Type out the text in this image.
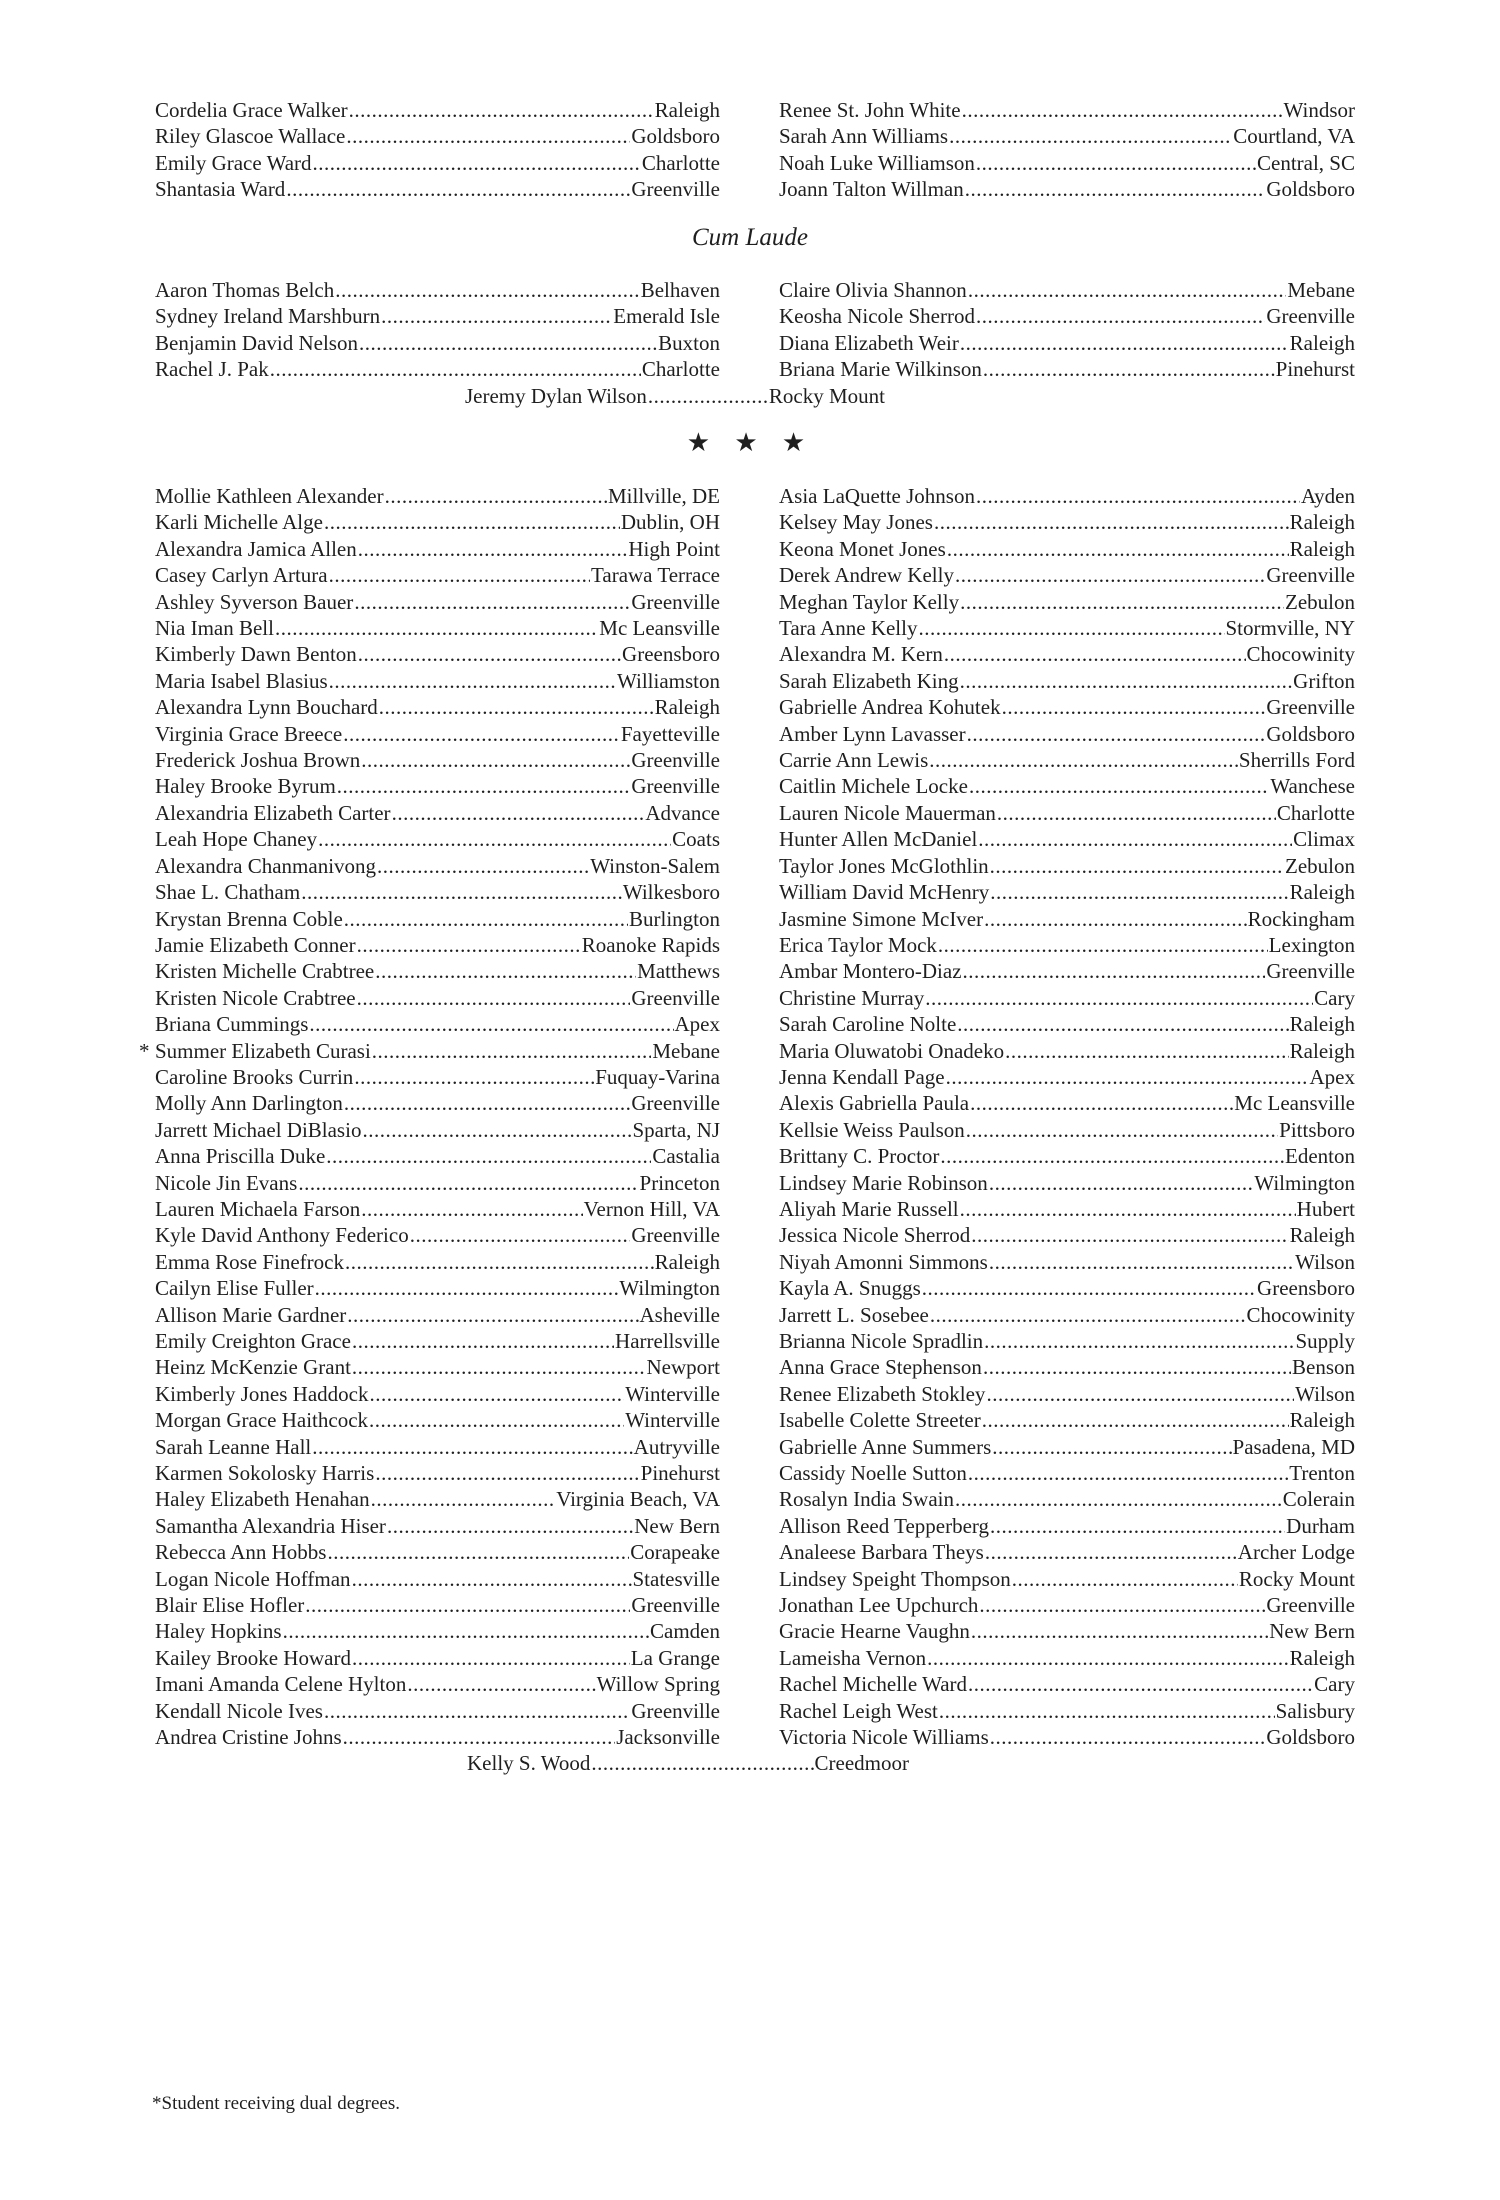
Cordelia Grace Walker .....	Raleigh
Riley Glascoe Wallace .....	Goldsboro
Emily Grace Ward .....	Charlotte
Shantasia Ward .....	Greenville
Renee St. John White .....	Windsor
Sarah Ann Williams .....	Courtland, VA
Noah Luke Williamson .....	Central, SC
Joann Talton Willman .....	Goldsboro
Cum Laude
Aaron Thomas Belch .....	Belhaven
Sydney Ireland Marshburn .....	Emerald Isle
Benjamin David Nelson .....	Buxton
Rachel J. Pak .....	Charlotte
Claire Olivia Shannon .....	Mebane
Keosha Nicole Sherrod .....	Greenville
Diana Elizabeth Weir .....	Raleigh
Briana Marie Wilkinson .....	Pinehurst
Jeremy Dylan Wilson .....	Rocky Mount
★ ★ ★
Mollie Kathleen Alexander .....	Millville, DE
Karli Michelle Alge .....	Dublin, OH
Alexandra Jamica Allen .....	High Point
Casey Carlyn Artura .....	Tarawa Terrace
Ashley Syverson Bauer .....	Greenville
Nia Iman Bell .....	Mc Leansville
Kimberly Dawn Benton .....	Greensboro
Maria Isabel Blasius .....	Williamston
Alexandra Lynn Bouchard .....	Raleigh
Virginia Grace Breece .....	Fayetteville
Frederick Joshua Brown .....	Greenville
Haley Brooke Byrum .....	Greenville
Alexandria Elizabeth Carter .....	Advance
Leah Hope Chaney .....	Coats
Alexandra Chanmanivong .....	Winston-Salem
Shae L. Chatham .....	Wilkesboro
Krystan Brenna Coble .....	Burlington
Jamie Elizabeth Conner .....	Roanoke Rapids
Kristen Michelle Crabtree .....	Matthews
Kristen Nicole Crabtree .....	Greenville
Briana Cummings .....	Apex
* Summer Elizabeth Curasi .....	Mebane
Caroline Brooks Currin .....	Fuquay-Varina
Molly Ann Darlington .....	Greenville
Jarrett Michael DiBlasio .....	Sparta, NJ
Anna Priscilla Duke .....	Castalia
Nicole Jin Evans .....	Princeton
Lauren Michaela Farson .....	Vernon Hill, VA
Kyle David Anthony Federico .....	Greenville
Emma Rose Finefrock .....	Raleigh
Cailyn Elise Fuller .....	Wilmington
Allison Marie Gardner .....	Asheville
Emily Creighton Grace .....	Harrellsville
Heinz McKenzie Grant .....	Newport
Kimberly Jones Haddock .....	Winterville
Morgan Grace Haithcock .....	Winterville
Sarah Leanne Hall .....	Autryville
Karmen Sokolosky Harris .....	Pinehurst
Haley Elizabeth Henahan .....	Virginia Beach, VA
Samantha Alexandria Hiser .....	New Bern
Rebecca Ann Hobbs .....	Corapeake
Logan Nicole Hoffman .....	Statesville
Blair Elise Hofler .....	Greenville
Haley Hopkins .....	Camden
Kailey Brooke Howard .....	La Grange
Imani Amanda Celene Hylton .....	Willow Spring
Kendall Nicole Ives .....	Greenville
Andrea Cristine Johns .....	Jacksonville
Asia LaQuette Johnson .....	Ayden
Kelsey May Jones .....	Raleigh
Keona Monet Jones .....	Raleigh
Derek Andrew Kelly .....	Greenville
Meghan Taylor Kelly .....	Zebulon
Tara Anne Kelly .....	Stormville, NY
Alexandra M. Kern .....	Chocowinity
Sarah Elizabeth King .....	Grifton
Gabrielle Andrea Kohutek .....	Greenville
Amber Lynn Lavasser .....	Goldsboro
Carrie Ann Lewis .....	Sherrills Ford
Caitlin Michele Locke .....	Wanchese
Lauren Nicole Mauerman .....	Charlotte
Hunter Allen McDaniel .....	Climax
Taylor Jones McGlothlin .....	Zebulon
William David McHenry .....	Raleigh
Jasmine Simone McIver .....	Rockingham
Erica Taylor Mock .....	Lexington
Ambar Montero-Diaz .....	Greenville
Christine Murray .....	Cary
Sarah Caroline Nolte .....	Raleigh
Maria Oluwatobi Onadeko .....	Raleigh
Jenna Kendall Page .....	Apex
Alexis Gabriella Paula .....	Mc Leansville
Kellsie Weiss Paulson .....	Pittsboro
Brittany C. Proctor .....	Edenton
Lindsey Marie Robinson .....	Wilmington
Aliyah Marie Russell .....	Hubert
Jessica Nicole Sherrod .....	Raleigh
Niyah Amonni Simmons .....	Wilson
Kayla A. Snuggs .....	Greensboro
Jarrett L. Sosebee .....	Chocowinity
Brianna Nicole Spradlin .....	Supply
Anna Grace Stephenson .....	Benson
Renee Elizabeth Stokley .....	Wilson
Isabelle Colette Streeter .....	Raleigh
Gabrielle Anne Summers .....	Pasadena, MD
Cassidy Noelle Sutton .....	Trenton
Rosalyn India Swain .....	Colerain
Allison Reed Tepperberg .....	Durham
Analeese Barbara Theys .....	Archer Lodge
Lindsey Speight Thompson .....	Rocky Mount
Jonathan Lee Upchurch .....	Greenville
Gracie Hearne Vaughn .....	New Bern
Lameisha Vernon .....	Raleigh
Rachel Michelle Ward .....	Cary
Rachel Leigh West .....	Salisbury
Victoria Nicole Williams .....	Goldsboro
Kelly S. Wood .....	Creedmoor
*Student receiving dual degrees.
